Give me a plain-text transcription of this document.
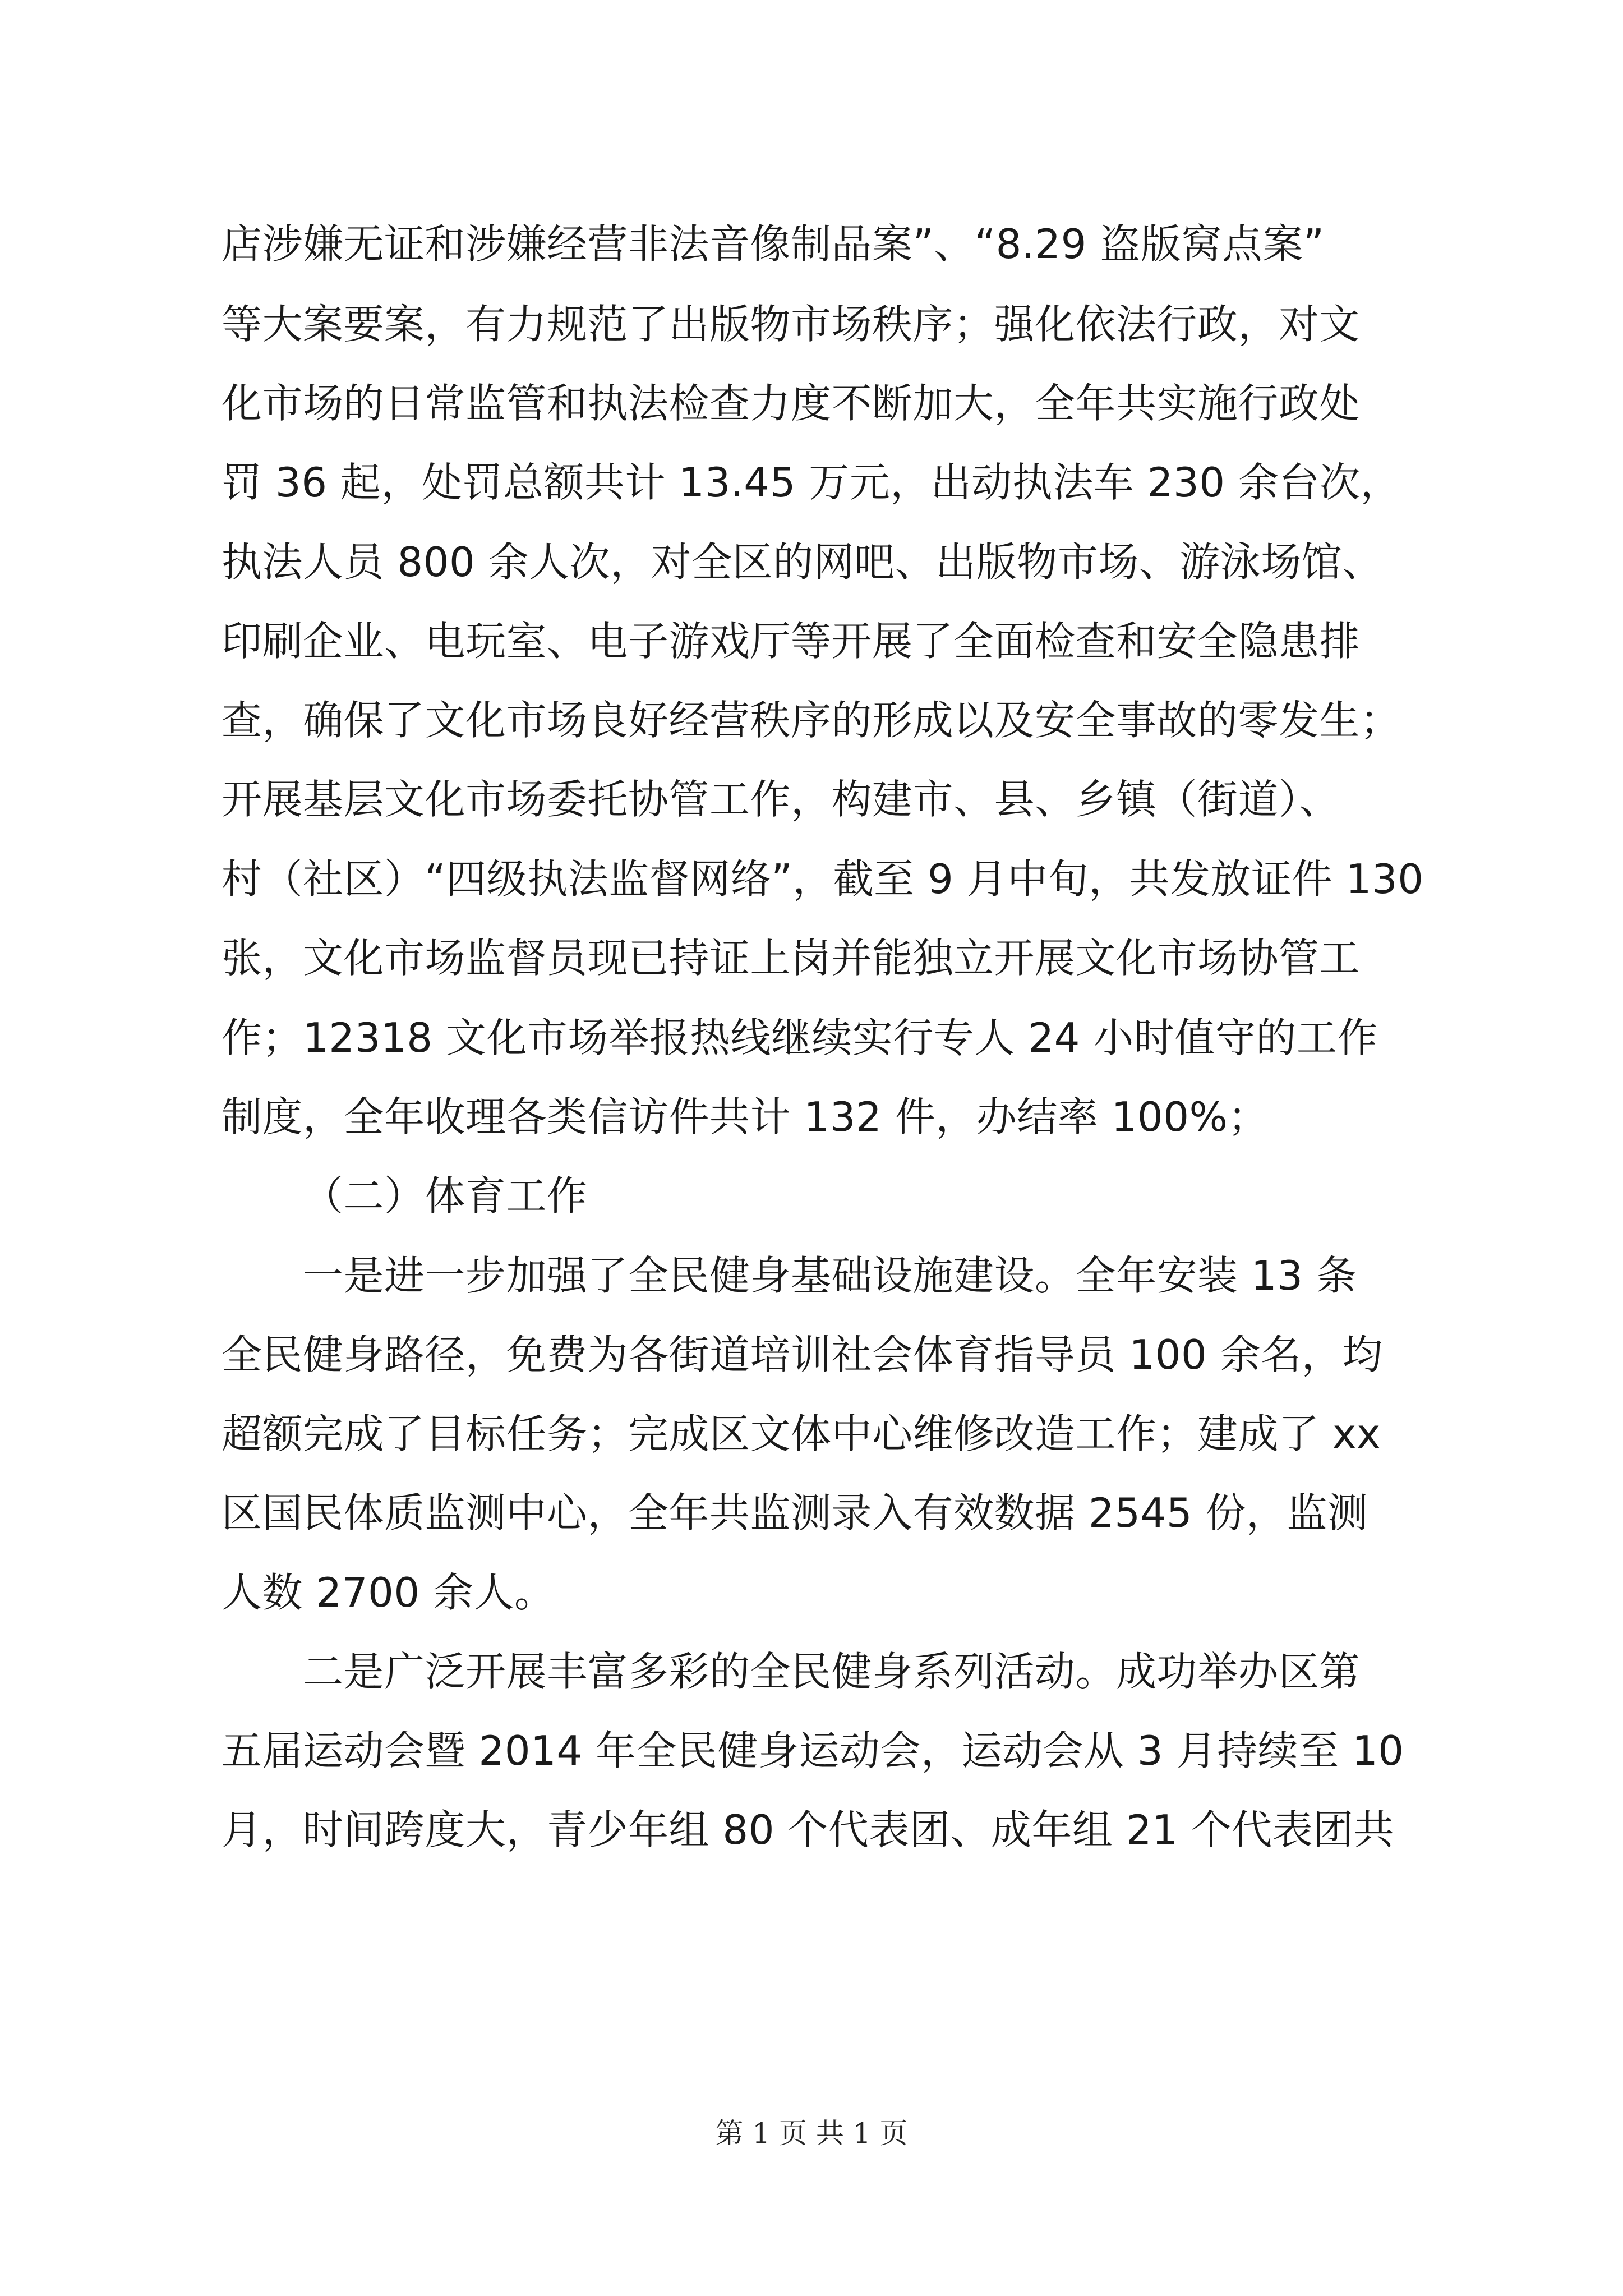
店涉嫌无证和涉嫌经营非法音像制品案”、“8.29 盗版窝点案”
等大案要案，有力规范了出版物市场秩序；强化依法行政，对文
化市场的日常监管和执法检查力度不断加大，全年共实施行政处
罚 36 起，处罚总额共计 13.45 万元，出动执法车 230 余台次，
执法人员 800 余人次，对全区的网吧、出版物市场、游泳场馆、
印刷企业、电玩室、电子游戏厅等开展了全面检查和安全隐患排
查，确保了文化市场良好经营秩序的形成以及安全事故的零发生；
开展基层文化市场委托协管工作，构建市、县、乡镇（街道）、
村（社区）“四级执法监督网络”，截至 9 月中旬，共发放证件 130
张，文化市场监督员现已持证上岗并能独立开展文化市场协管工
作；12318 文化市场举报热线继续实行专人 24 小时值守的工作
制度，全年收理各类信访件共计 132 件，办结率 100%；
（二）体育工作
一是进一步加强了全民健身基础设施建设。全年安装 13 条
全民健身路径，免费为各街道培训社会体育指导员 100 余名，均
超额完成了目标任务；完成区文体中心维修改造工作；建成了 xx
区国民体质监测中心，全年共监测录入有效数据 2545 份，监测
人数 2700 余人。
二是广泛开展丰富多彩的全民健身系列活动。成功举办区第
五届运动会暨 2014 年全民健身运动会，运动会从 3 月持续至 10
月，时间跨度大，青少年组 80 个代表团、成年组 21 个代表团共
第 1 页 共 1 页
